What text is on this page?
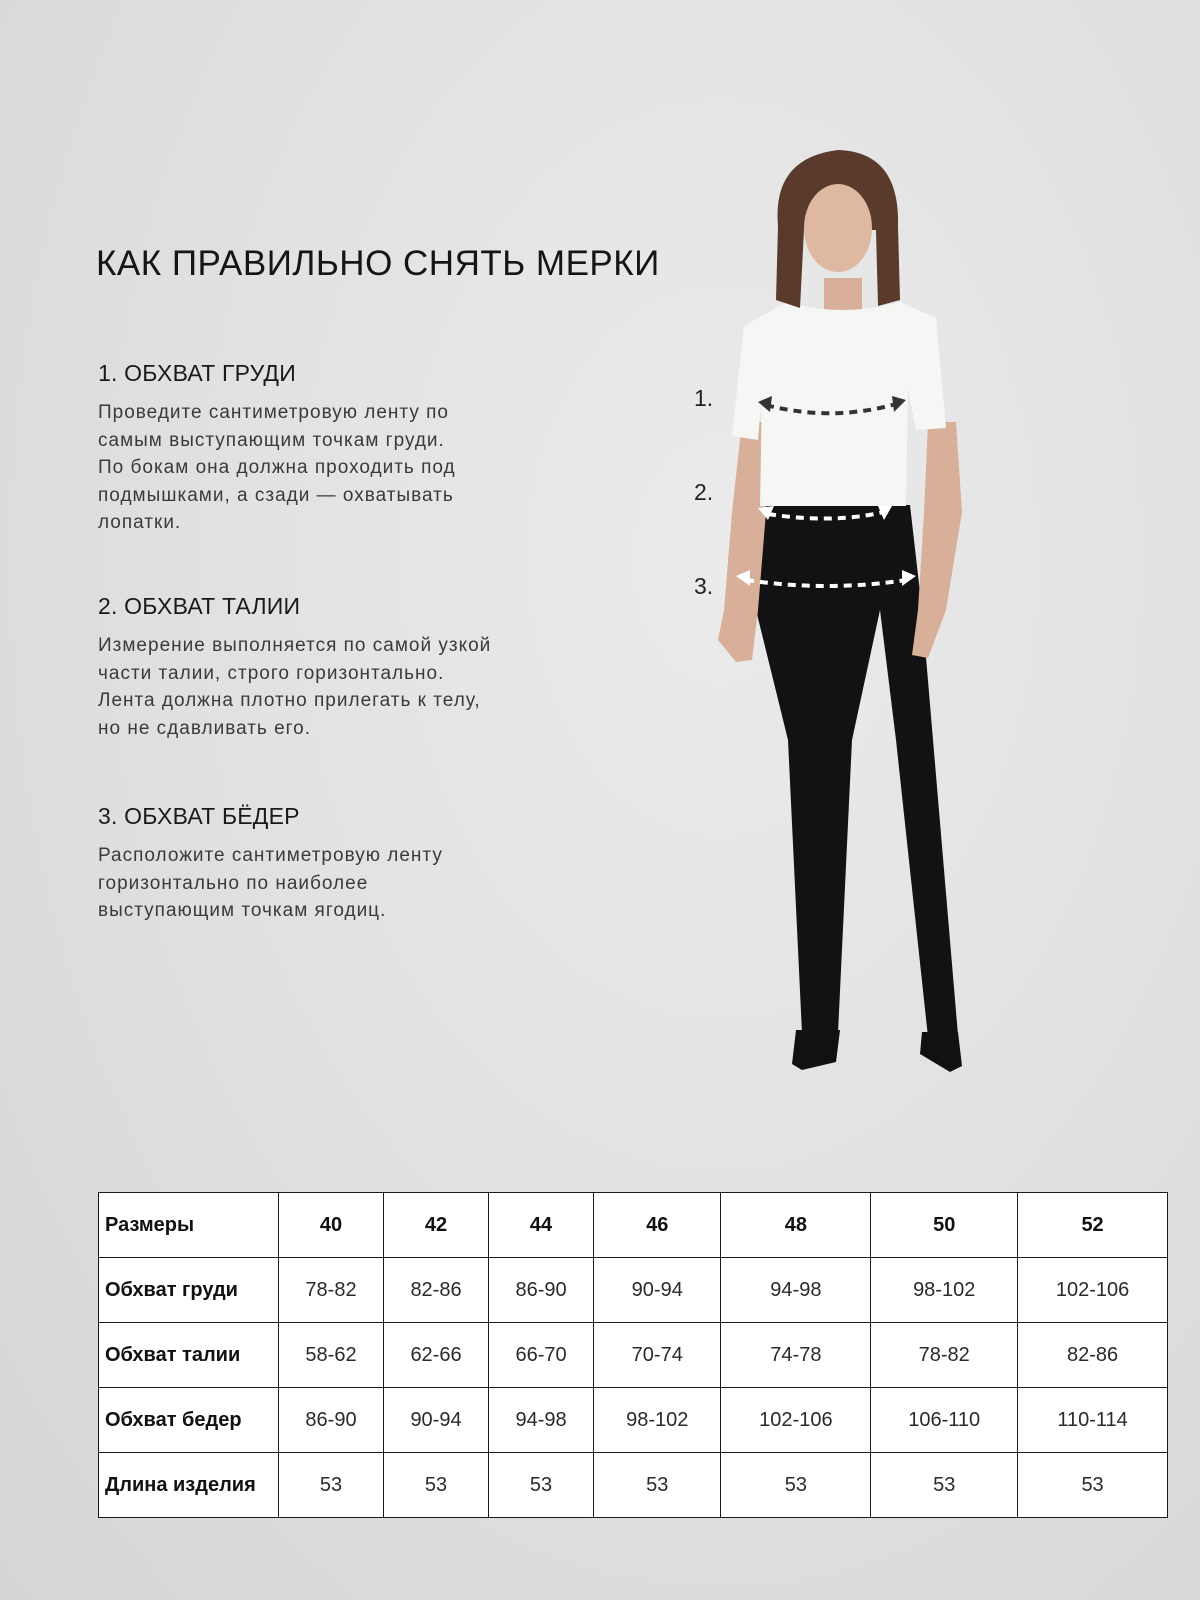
КАК ПРАВИЛЬНО СНЯТЬ МЕРКИ
1. ОБХВАТ ГРУДИ

Проведите сантиметровую ленту по
самым выступающим точкам груди.
По бокам она должна проходить под
подмышками, а сзади — охватывать
лопатки.

2. ОБХВАТ ТАЛИИ

Измерение выполняется по самой узкой
части талии, строго горизонтально.
Лента должна плотно прилегать к телу,
но не сдавливать его.

3. ОБХВАТ БЁДЕР

Расположите сантиметровую ленту
горизонтально по наиболее
выступающим точкам ягодиц.

1.
2.
3.
Размеры	40	42	44	46	48	50	52
Обхват груди	78-82	82-86	86-90	90-94	94-98	98-102	102-106
Обхват талии	58-62	62-66	66-70	70-74	74-78	78-82	82-86
Обхват бедер	86-90	90-94	94-98	98-102	102-106	106-110	110-114
Длина изделия	53	53	53	53	53	53	53
